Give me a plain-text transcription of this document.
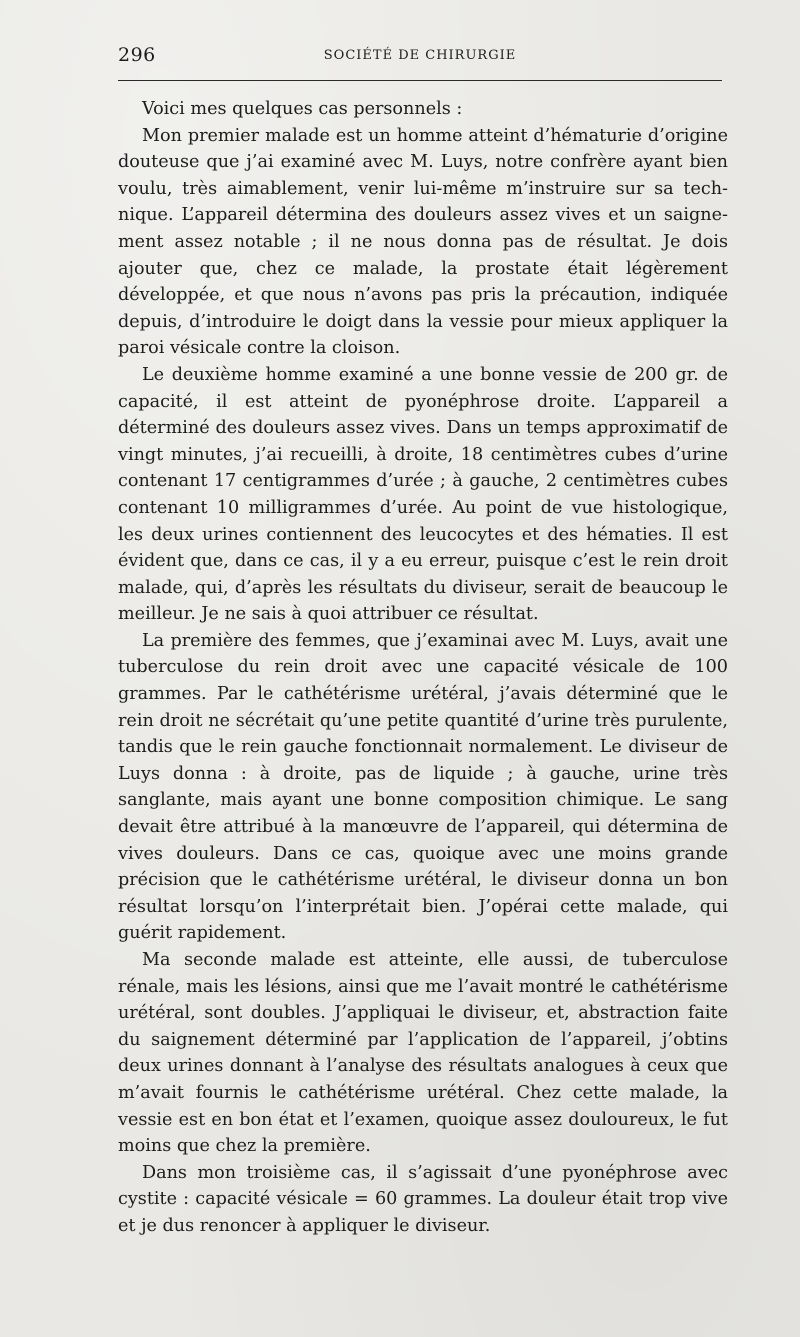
296	SOCIÉTÉ DE CHIRURGIE

Voici mes quelques cas personnels :

Mon premier malade est un homme atteint d’hématurie d’origine douteuse que j’ai examiné avec M. Luys, notre confrère ayant bien voulu, très aimablement, venir lui-même m’instruire sur sa technique. L’appareil détermina des douleurs assez vives et un saignement assez notable ; il ne nous donna pas de résultat. Je dois ajouter que, chez ce malade, la prostate était légèrement développée, et que nous n’avons pas pris la précaution, indiquée depuis, d’introduire le doigt dans la vessie pour mieux appliquer la paroi vésicale contre la cloison.

Le deuxième homme examiné a une bonne vessie de 200 gr. de capacité, il est atteint de pyonéphrose droite. L’appareil a déterminé des douleurs assez vives. Dans un temps approximatif de vingt minutes, j’ai recueilli, à droite, 18 centimètres cubes d’urine contenant 17 centigrammes d’urée ; à gauche, 2 centimètres cubes contenant 10 milligrammes d’urée. Au point de vue histologique, les deux urines contiennent des leucocytes et des hématies. Il est évident que, dans ce cas, il y a eu erreur, puisque c’est le rein droit malade, qui, d’après les résultats du diviseur, serait de beaucoup le meilleur. Je ne sais à quoi attribuer ce résultat.

La première des femmes, que j’examinai avec M. Luys, avait une tuberculose du rein droit avec une capacité vésicale de 100 grammes. Par le cathétérisme urétéral, j’avais déterminé que le rein droit ne sécrétait qu’une petite quantité d’urine très purulente, tandis que le rein gauche fonctionnait normalement. Le diviseur de Luys donna : à droite, pas de liquide ; à gauche, urine très sanglante, mais ayant une bonne composition chimique. Le sang devait être attribué à la manœuvre de l’appareil, qui détermina de vives douleurs. Dans ce cas, quoique avec une moins grande précision que le cathétérisme urétéral, le diviseur donna un bon résultat lorsqu’on l’interprétait bien. J’opérai cette malade, qui guérit rapidement.

Ma seconde malade est atteinte, elle aussi, de tuberculose rénale, mais les lésions, ainsi que me l’avait montré le cathétérisme urétéral, sont doubles. J’appliquai le diviseur, et, abstraction faite du saignement déterminé par l’application de l’appareil, j’obtins deux urines donnant à l’analyse des résultats analogues à ceux que m’avait fournis le cathétérisme urétéral. Chez cette malade, la vessie est en bon état et l’examen, quoique assez douloureux, le fut moins que chez la première.

Dans mon troisième cas, il s’agissait d’une pyonéphrose avec cystite : capacité vésicale = 60 grammes. La douleur était trop vive et je dus renoncer à appliquer le diviseur.
